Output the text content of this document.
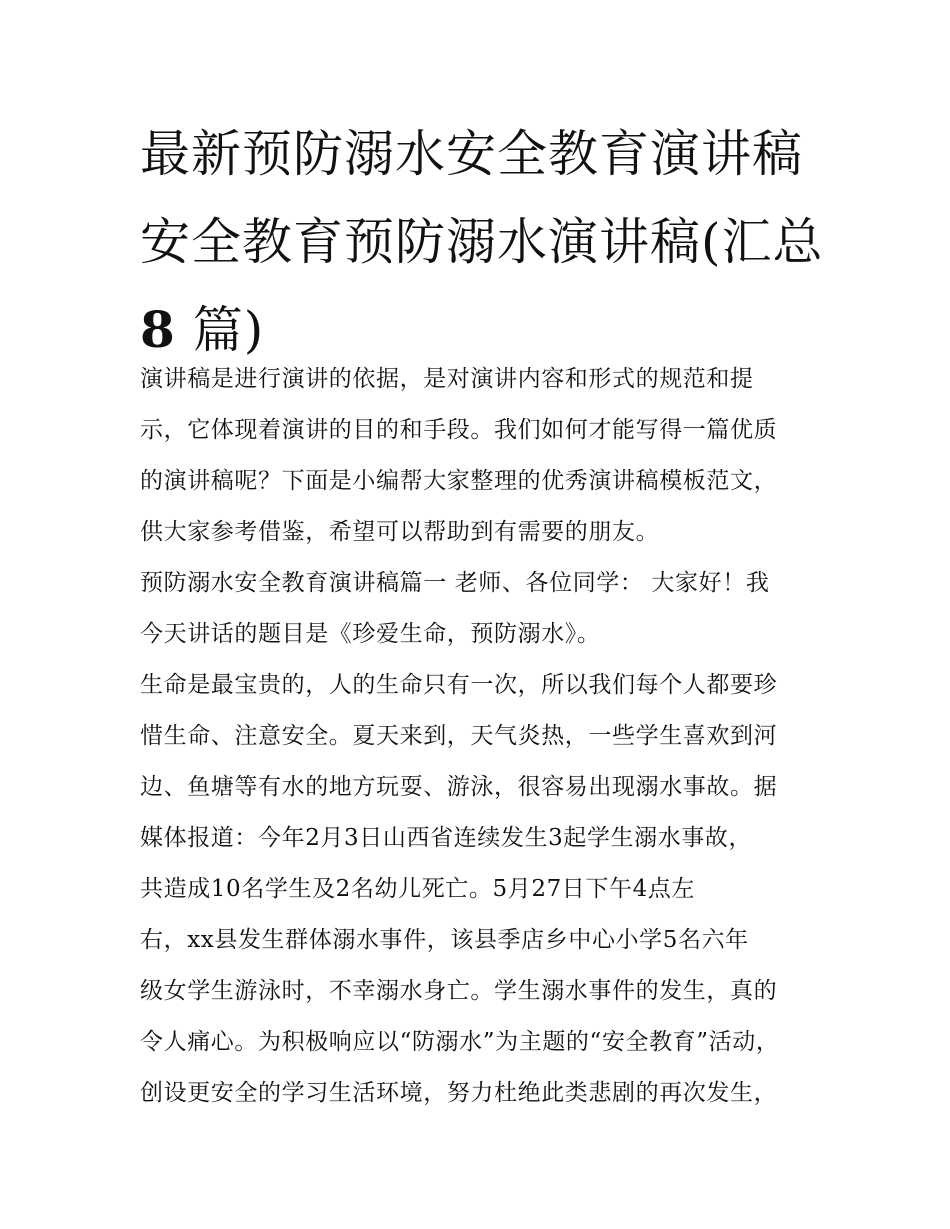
最新预防溺水安全教育演讲稿
安全教育预防溺水演讲稿(汇总
8 篇)
演讲稿是进行演讲的依据，是对演讲内容和形式的规范和提
示，它体现着演讲的目的和手段。我们如何才能写得一篇优质
的演讲稿呢？下面是小编帮大家整理的优秀演讲稿模板范文，
供大家参考借鉴，希望可以帮助到有需要的朋友。
预防溺水安全教育演讲稿篇一 老师、各位同学： 大家好！我
今天讲话的题目是《珍爱生命，预防溺水》。
生命是最宝贵的，人的生命只有一次，所以我们每个人都要珍
惜生命、注意安全。夏天来到，天气炎热，一些学生喜欢到河
边、鱼塘等有水的地方玩耍、游泳，很容易出现溺水事故。据
媒体报道：今年2月3日山西省连续发生3起学生溺水事故，
共造成10名学生及2名幼儿死亡。5月27日下午4点左
右，xx县发生群体溺水事件，该县季店乡中心小学5名六年
级女学生游泳时，不幸溺水身亡。学生溺水事件的发生，真的
令人痛心。为积极响应以“防溺水”为主题的“安全教育”活动，
创设更安全的学习生活环境，努力杜绝此类悲剧的再次发生，
